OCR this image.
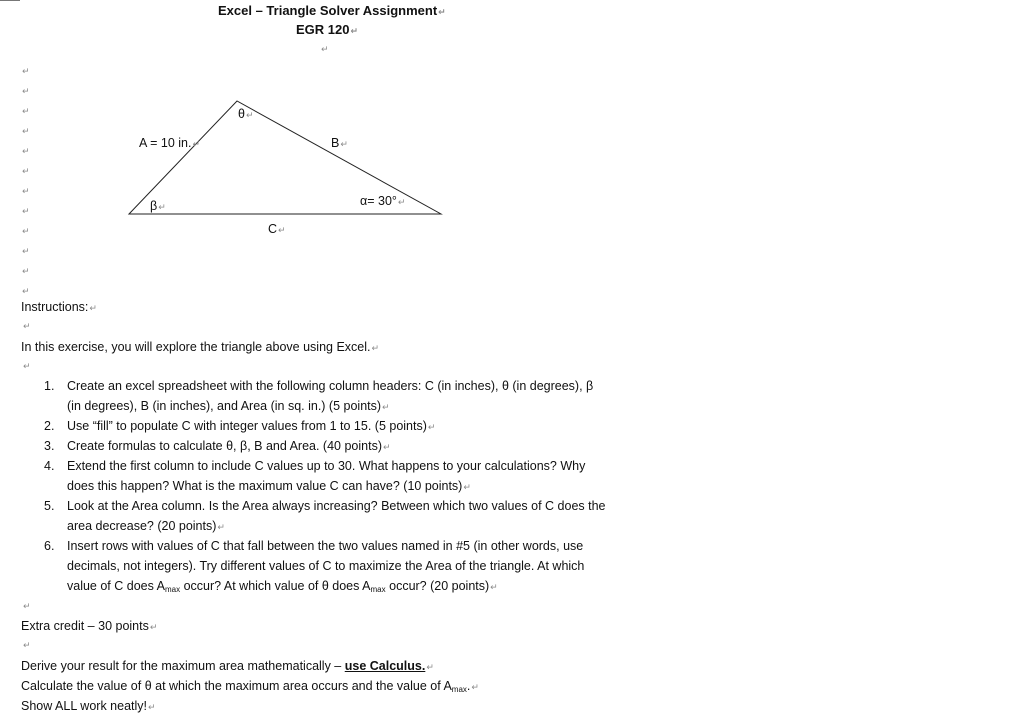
Excel – Triangle Solver Assignment↵
EGR 120↵
↵
↵
↵
↵
↵
↵
↵
↵
↵
↵
↵
↵
↵
A = 10 in.↵
θ↵
B↵
α= 30°↵
β↵
C↵
Instructions:↵
↵
In this exercise, you will explore the triangle above using Excel.↵
↵
1. Create an excel spreadsheet with the following column headers: C (in inches), θ (in degrees), β
(in degrees), B (in inches), and Area (in sq. in.) (5 points)↵
2. Use “fill” to populate C with integer values from 1 to 15. (5 points)↵
3. Create formulas to calculate θ, β, B and Area. (40 points)↵
4. Extend the first column to include C values up to 30. What happens to your calculations? Why
does this happen? What is the maximum value C can have? (10 points)↵
5. Look at the Area column. Is the Area always increasing? Between which two values of C does the
area decrease? (20 points)↵
6. Insert rows with values of C that fall between the two values named in #5 (in other words, use
decimals, not integers). Try different values of C to maximize the Area of the triangle. At which
value of C does $A_{max}$ occur? At which value of θ does $A_{max}$ occur? (20 points)↵
↵
Extra credit – 30 points↵
↵
Derive your result for the maximum area mathematically – use Calculus.↵
Calculate the value of θ at which the maximum area occurs and the value of $A_{max}.↵$
Show ALL work neatly!↵
